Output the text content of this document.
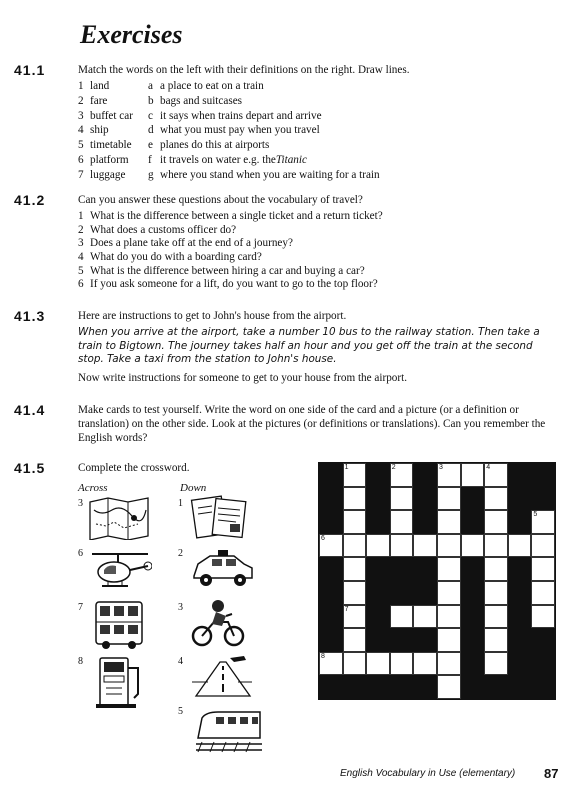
Exercises
41.1	Match the words on the left with their definitions on the right. Draw lines.
1 land	a a place to eat on a train
2 fare	b bags and suitcases
3 buffet car c it says when trains depart and arrive
4 ship	d what you must pay when you travel
5 timetable e planes do this at airports
6 platform f it travels on water e.g. theTitanic
7 luggage g where you stand when you are waiting for a train
41.2	Can you answer these questions about the vocabulary of travel?
1 What is the difference between a single ticket and a return ticket?
2 What does a customs officer do?
3 Does a plane take off at the end of a journey?
4 What do you do with a boarding card?
5 What is the difference between hiring a car and buying a car?
6 If you ask someone for a lift, do you want to go to the top floor?
41.3	Here are instructions to get to John's house from the airport.
When you arrive at the airport, take a number 10 bus to the railway station. Then take a train to Bigtown. The journey takes half an hour and you get off the train at the second stop. Take a taxi from the station to John's house.
Now write instructions for someone to get to your house from the airport.
41.4	Make cards to test yourself. Write the word on one side of the card and a picture (or a definition or translation) on the other side. Look at the pictures (or definitions or translations). Can you remember the English words?
41.5	Complete the crossword.
Across	Down
3
6
7
8
1
2
3
4
5
1	2	3	4
5
6
7
8
English Vocabulary in Use (elementary) 87
